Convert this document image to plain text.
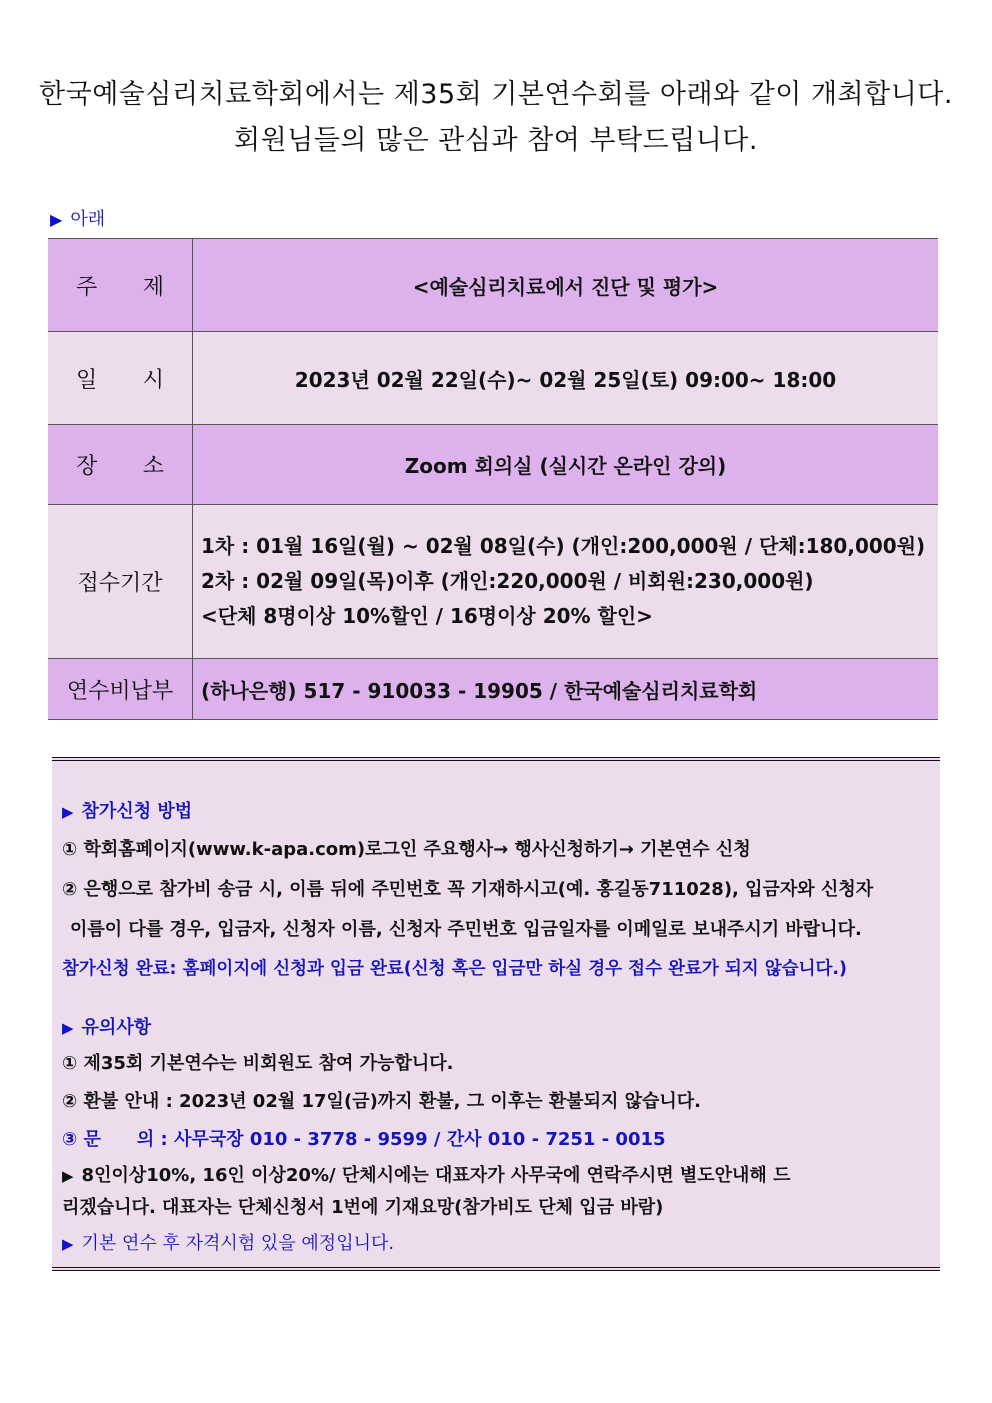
한국예술심리치료학회에서는 제35회 기본연수회를 아래와 같이 개최합니다.
회원님들의 많은 관심과 참여 부탁드립니다.
▶ 아래
주 제	<예술심리치료에서 진단 및 평가>

일 시	2023년 02월 22일(수)~ 02월 25일(토) 09:00~ 18:00

장 소	Zoom 회의실 (실시간 온라인 강의)
접수기간	1차 : 01월 16일(월) ~ 02월 08일(수) (개인:200,000원 / 단체:180,000원)
2차 : 02월 09일(목)이후 (개인:220,000원 / 비회원:230,000원)
<단체 8명이상 10%할인 / 16명이상 20% 할인>

연수비납부	(하나은행) 517 - 910033 - 19905 / 한국예술심리치료학회
▶ 참가신청 방법
① 학회홈페이지(www.k-apa.com)로그인 주요행사→ 행사신청하기→ 기본연수 신청
② 은행으로 참가비 송금 시, 이름 뒤에 주민번호 꼭 기재하시고(예. 홍길동711028), 입금자와 신청자
이름이 다를 경우, 입금자, 신청자 이름, 신청자 주민번호 입금일자를 이메일로 보내주시기 바랍니다.
참가신청 완료: 홈페이지에 신청과 입금 완료(신청 혹은 입금만 하실 경우 접수 완료가 되지 않습니다.)
▶ 유의사항
① 제35회 기본연수는 비회원도 참여 가능합니다.
② 환불 안내 : 2023년 02월 17일(금)까지 환불, 그 이후는 환불되지 않습니다.
③ 문　　의 : 사무국장 010 - 3778 - 9599 / 간사 010 - 7251 - 0015
▶ 8인이상10%, 16인 이상20%/ 단체시에는 대표자가 사무국에 연락주시면 별도안내해 드
리겠습니다. 대표자는 단체신청서 1번에 기재요망(참가비도 단체 입금 바람)
▶ 기본 연수 후 자격시험 있을 예정입니다.
